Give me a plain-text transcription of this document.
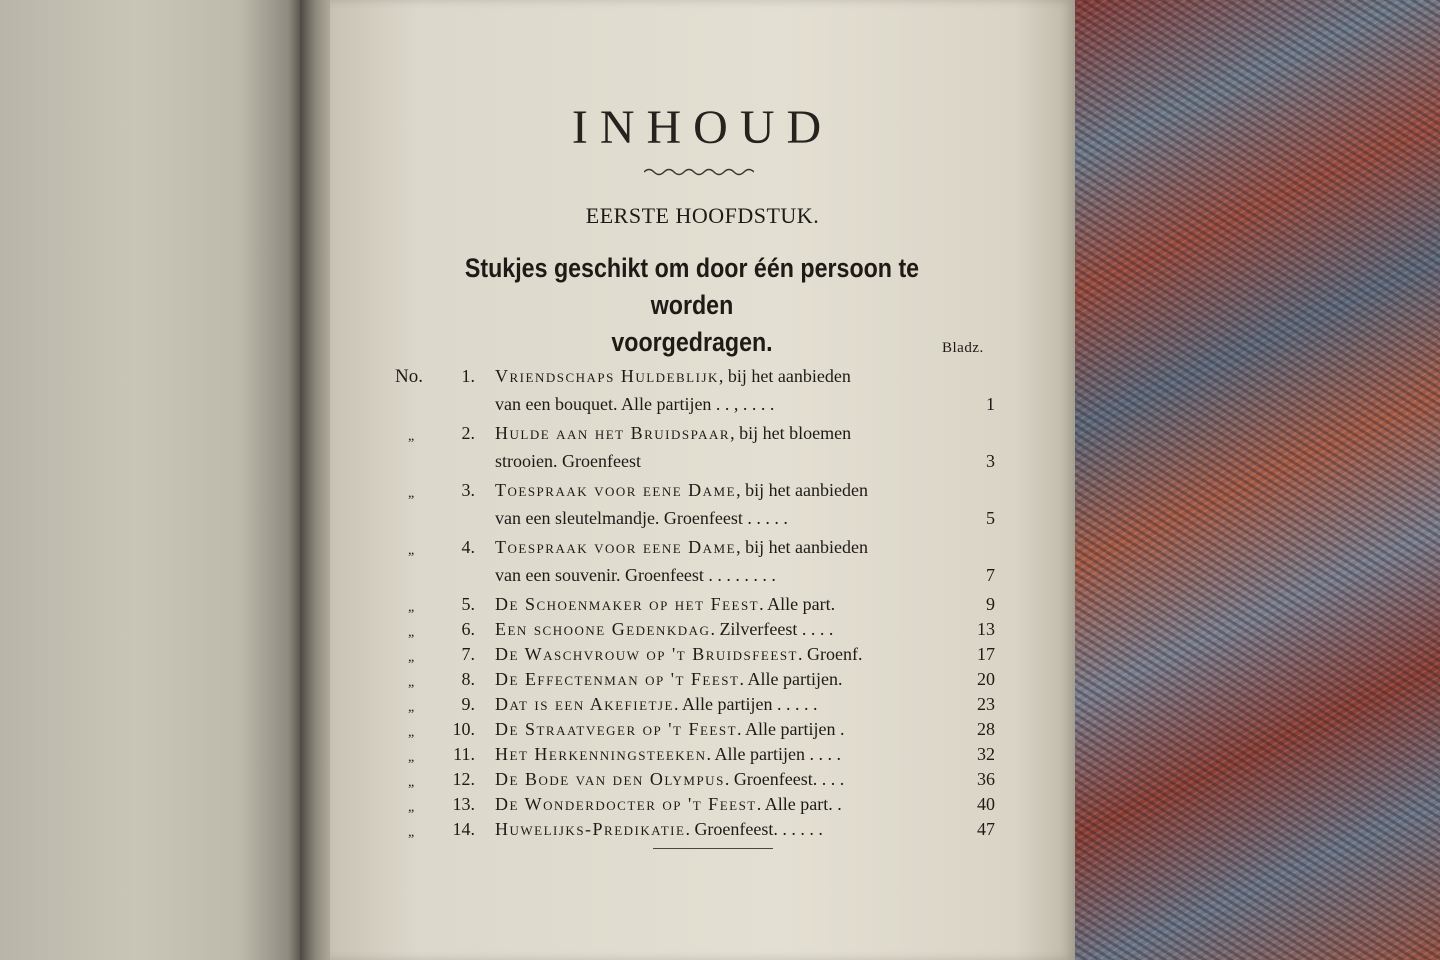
INHOUD
EERSTE HOOFDSTUK.
Stukjes geschikt om door één persoon te worden
voorgedragen.	Bladz.
No.	1. Vriendschaps Huldeblijk, bij het aanbieden
van een bouquet. Alle partijen . . , . . . .	1
„	2. Hulde aan het Bruidspaar, bij het bloemen
strooien. Groenfeest	3
„	3. Toespraak voor eene Dame, bij het aanbieden
van een sleutelmandje. Groenfeest . . . . .	5
„	4. Toespraak voor eene Dame, bij het aanbieden
van een souvenir. Groenfeest . . . . . . . .	7
„	5. De Schoenmaker op het Feest. Alle part.	9
„	6. Een schoone Gedenkdag. Zilverfeest . . . .	13
„	7. De Waschvrouw op 't Bruidsfeest. Groenf.	17
„	8. De Effectenman op 't Feest. Alle partijen.	20
„	9. Dat is een Akefietje. Alle partijen . . . . .	23
„	10. De Straatveger op 't Feest. Alle partijen .	28
„	11. Het Herkenningsteeken. Alle partijen . . . .	32
„	12. De Bode van den Olympus. Groenfeest. . . .	36
„	13. De Wonderdocter op 't Feest. Alle part. .	40
„	14. Huwelijks-Predikatie. Groenfeest. . . . . .	47
